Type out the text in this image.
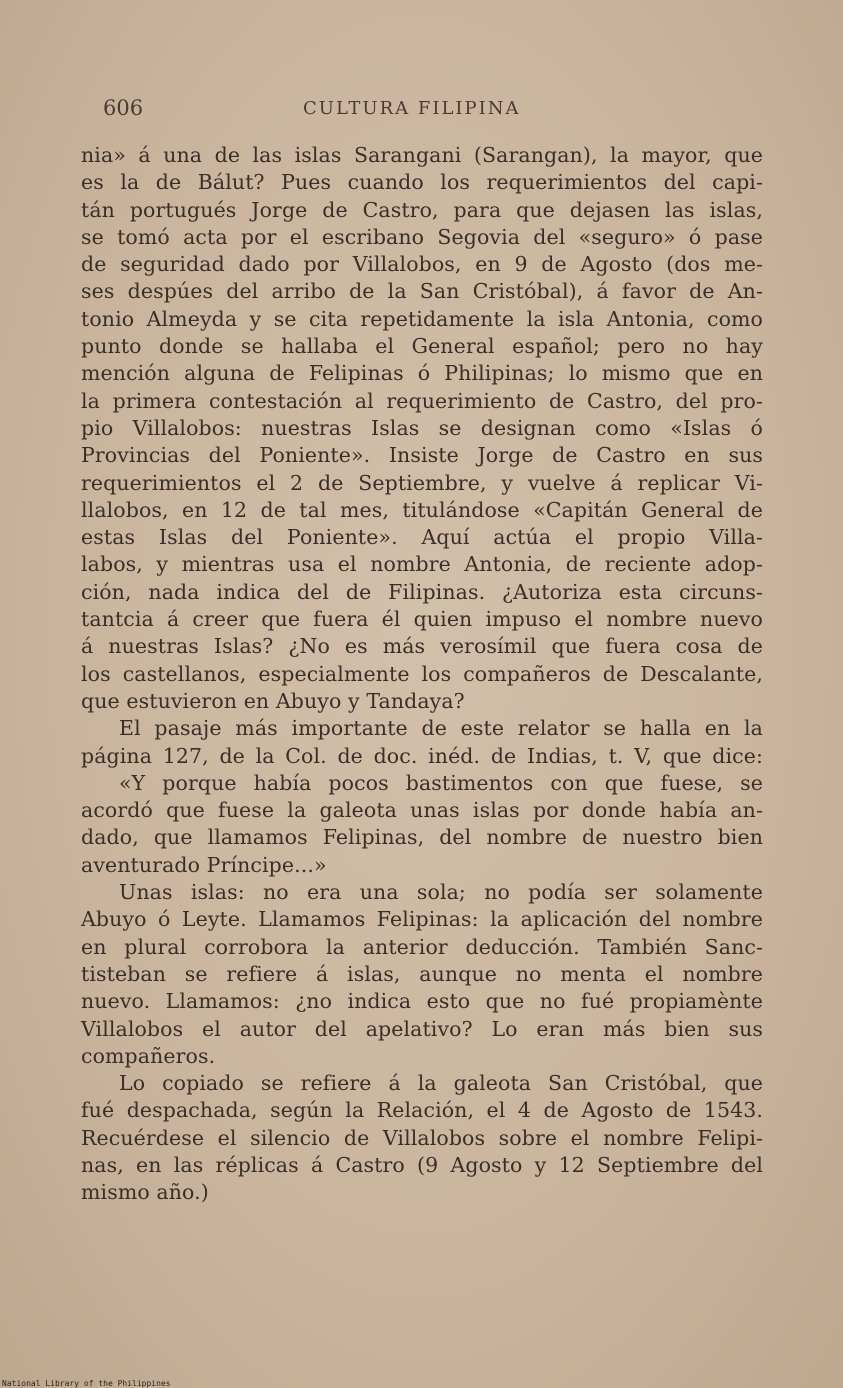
606	CULTURA FILIPINA
nia» á una de las islas Sarangani (Sarangan), la mayor, que
es la de Bálut? Pues cuando los requerimientos del capi-
tán portugués Jorge de Castro, para que dejasen las islas,
se tomó acta por el escribano Segovia del «seguro» ó pase
de seguridad dado por Villalobos, en 9 de Agosto (dos me-
ses despúes del arribo de la San Cristóbal), á favor de An-
tonio Almeyda y se cita repetidamente la isla Antonia, como
punto donde se hallaba el General español; pero no hay
mención alguna de Felipinas ó Philipinas; lo mismo que en
la primera contestación al requerimiento de Castro, del pro-
pio Villalobos: nuestras Islas se designan como «Islas ó
Provincias del Poniente». Insiste Jorge de Castro en sus
requerimientos el 2 de Septiembre, y vuelve á replicar Vi-
llalobos, en 12 de tal mes, titulándose «Capitán General de
estas Islas del Poniente». Aquí actúa el propio Villa-
labos, y mientras usa el nombre Antonia, de reciente adop-
ción, nada indica del de Filipinas. ¿Autoriza esta circuns-
tantcia á creer que fuera él quien impuso el nombre nuevo
á nuestras Islas? ¿No es más verosímil que fuera cosa de
los castellanos, especialmente los compañeros de Descalante,
que estuvieron en Abuyo y Tandaya?
El pasaje más importante de este relator se halla en la
página 127, de la Col. de doc. inéd. de Indias, t. V, que dice:
«Y porque había pocos bastimentos con que fuese, se
acordó que fuese la galeota unas islas por donde había an-
dado, que llamamos Felipinas, del nombre de nuestro bien
aventurado Príncipe...»
Unas islas: no era una sola; no podía ser solamente
Abuyo ó Leyte. Llamamos Felipinas: la aplicación del nombre
en plural corrobora la anterior deducción. También Sanc-
tisteban se refiere á islas, aunque no menta el nombre
nuevo. Llamamos: ¿no indica esto que no fué propiamènte
Villalobos el autor del apelativo? Lo eran más bien sus
compañeros.
Lo copiado se refiere á la galeota San Cristóbal, que
fué despachada, según la Relación, el 4 de Agosto de 1543.
Recuérdese el silencio de Villalobos sobre el nombre Felipi-
nas, en las réplicas á Castro (9 Agosto y 12 Septiembre del
mismo año.)
National Library of the Philippines
